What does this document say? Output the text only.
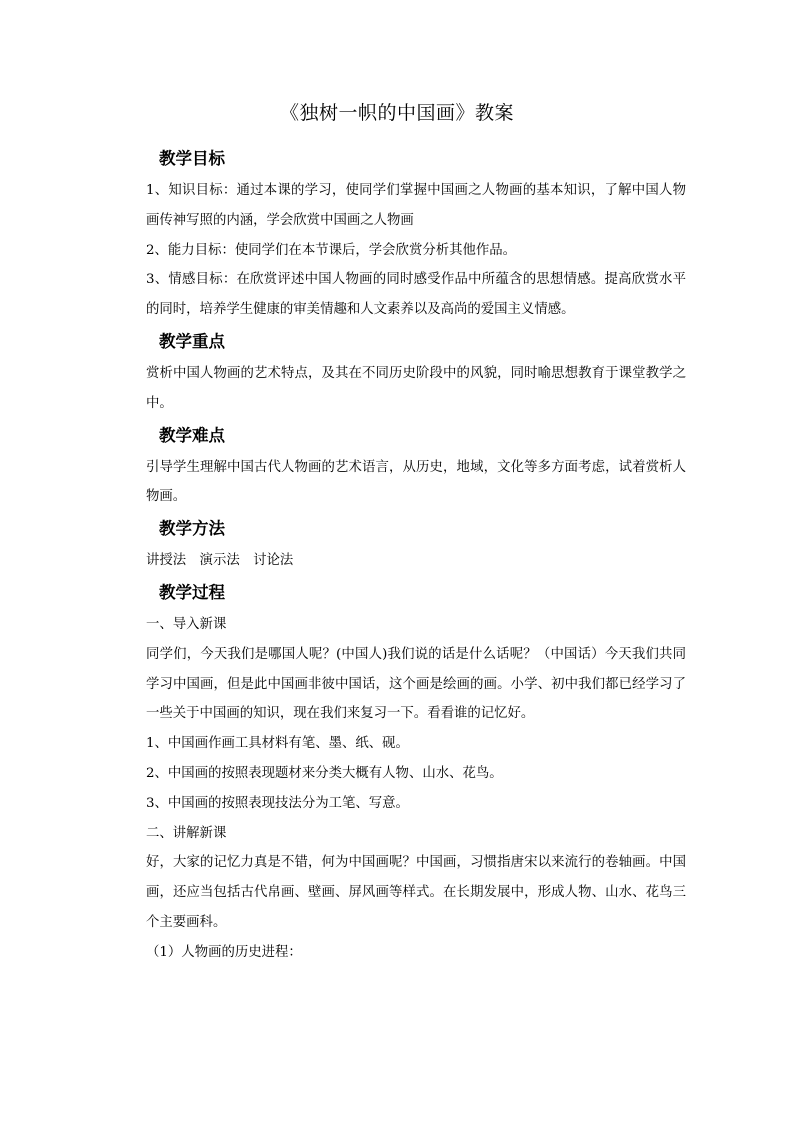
《独树一帜的中国画》教案
教学目标

1、知识目标：通过本课的学习，使同学们掌握中国画之人物画的基本知识，了解中国人物画传神写照的内涵，学会欣赏中国画之人物画

2、能力目标：使同学们在本节课后，学会欣赏分析其他作品。

3、情感目标：在欣赏评述中国人物画的同时感受作品中所蕴含的思想情感。提高欣赏水平的同时，培养学生健康的审美情趣和人文素养以及高尚的爱国主义情感。

教学重点

赏析中国人物画的艺术特点，及其在不同历史阶段中的风貌，同时喻思想教育于课堂教学之中。

教学难点

引导学生理解中国古代人物画的艺术语言，从历史，地域，文化等多方面考虑，试着赏析人物画。

教学方法

讲授法　演示法　讨论法

教学过程

一、导入新课

同学们，今天我们是哪国人呢？(中国人)我们说的话是什么话呢？（中国话）今天我们共同学习中国画，但是此中国画非彼中国话，这个画是绘画的画。小学、初中我们都已经学习了一些关于中国画的知识，现在我们来复习一下。看看谁的记忆好。

1、中国画作画工具材料有笔、墨、纸、砚。

2、中国画的按照表现题材来分类大概有人物、山水、花鸟。

3、中国画的按照表现技法分为工笔、写意。

二、讲解新课

好，大家的记忆力真是不错，何为中国画呢？中国画，习惯指唐宋以来流行的卷轴画。中国画，还应当包括古代帛画、壁画、屏风画等样式。在长期发展中，形成人物、山水、花鸟三个主要画科。

（1）人物画的历史进程：
